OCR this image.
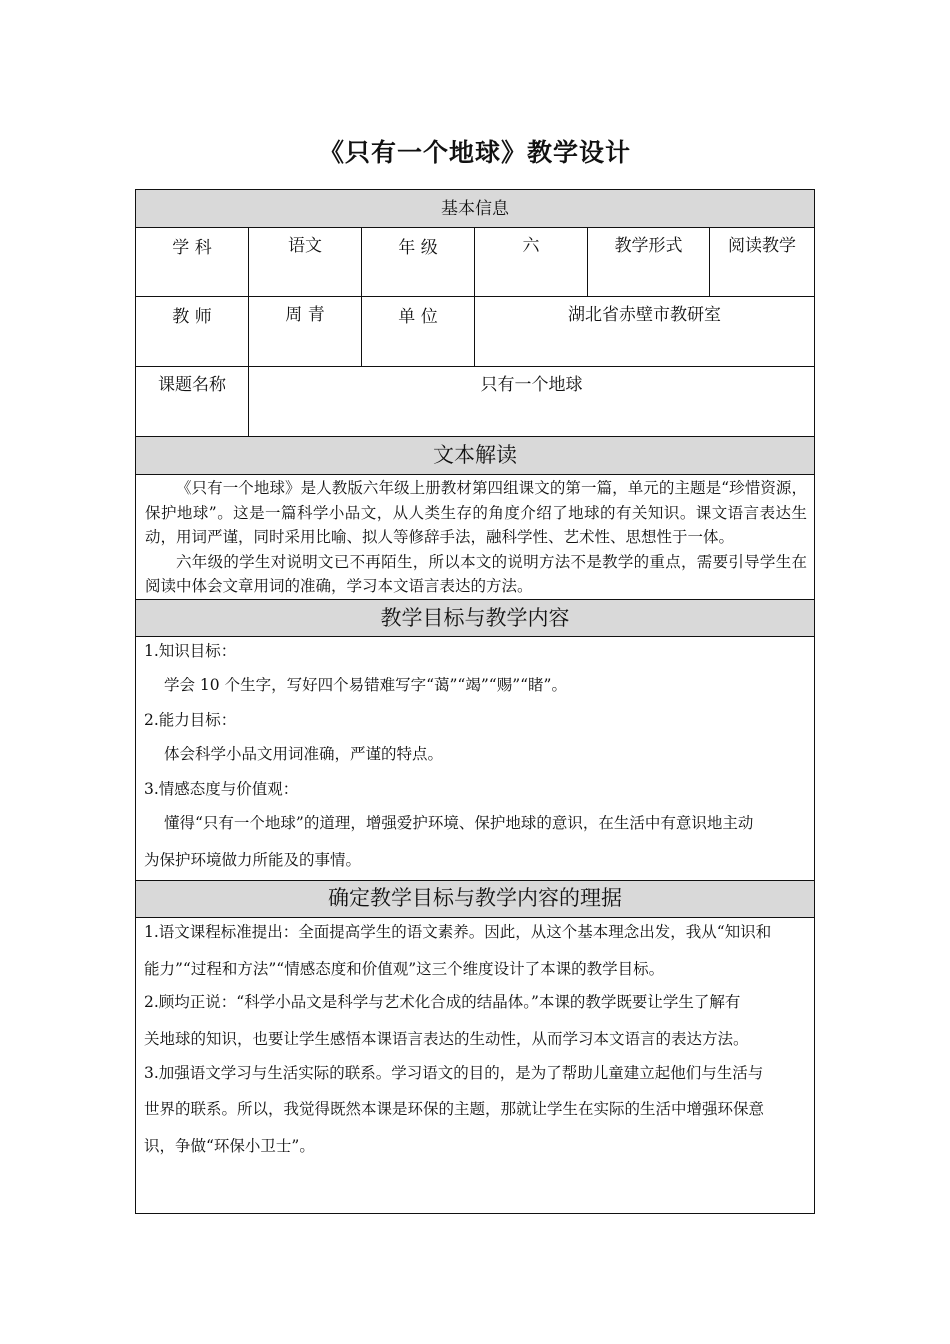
《只有一个地球》教学设计
基本信息
文本解读
教学目标与教学内容
确定教学目标与教学内容的理据
学 科	语文	年 级	六	教学形式	阅读教学
教 师	周 青	单 位	湖北省赤壁市教研室
课题名称	只有一个地球

《只有一个地球》是人教版六年级上册教材第四组课文的第一篇，单元的主题是“珍惜资源，保护地球”。这是一篇科学小品文，从人类生存的角度介绍了地球的有关知识。课文语言表达生动，用词严谨，同时采用比喻、拟人等修辞手法，融科学性、艺术性、思想性于一体。

六年级的学生对说明文已不再陌生，所以本文的说明方法不是教学的重点，需要引导学生在阅读中体会文章用词的准确，学习本文语言表达的方法。

1.知识目标：
学会 10 个生字，写好四个易错难写字“蔼”“竭”“赐”“睹”。
2.能力目标：
体会科学小品文用词准确，严谨的特点。
3.情感态度与价值观：
懂得“只有一个地球”的道理，增强爱护环境、保护地球的意识，在生活中有意识地主动
为保护环境做力所能及的事情。
1.语文课程标准提出：全面提高学生的语文素养。因此，从这个基本理念出发，我从“知识和
能力”“过程和方法”“情感态度和价值观”这三个维度设计了本课的教学目标。
2.顾均正说：“科学小品文是科学与艺术化合成的结晶体。”本课的教学既要让学生了解有
关地球的知识，也要让学生感悟本课语言表达的生动性，从而学习本文语言的表达方法。
3.加强语文学习与生活实际的联系。学习语文的目的，是为了帮助儿童建立起他们与生活与
世界的联系。所以，我觉得既然本课是环保的主题，那就让学生在实际的生活中增强环保意
识，争做“环保小卫士”。
